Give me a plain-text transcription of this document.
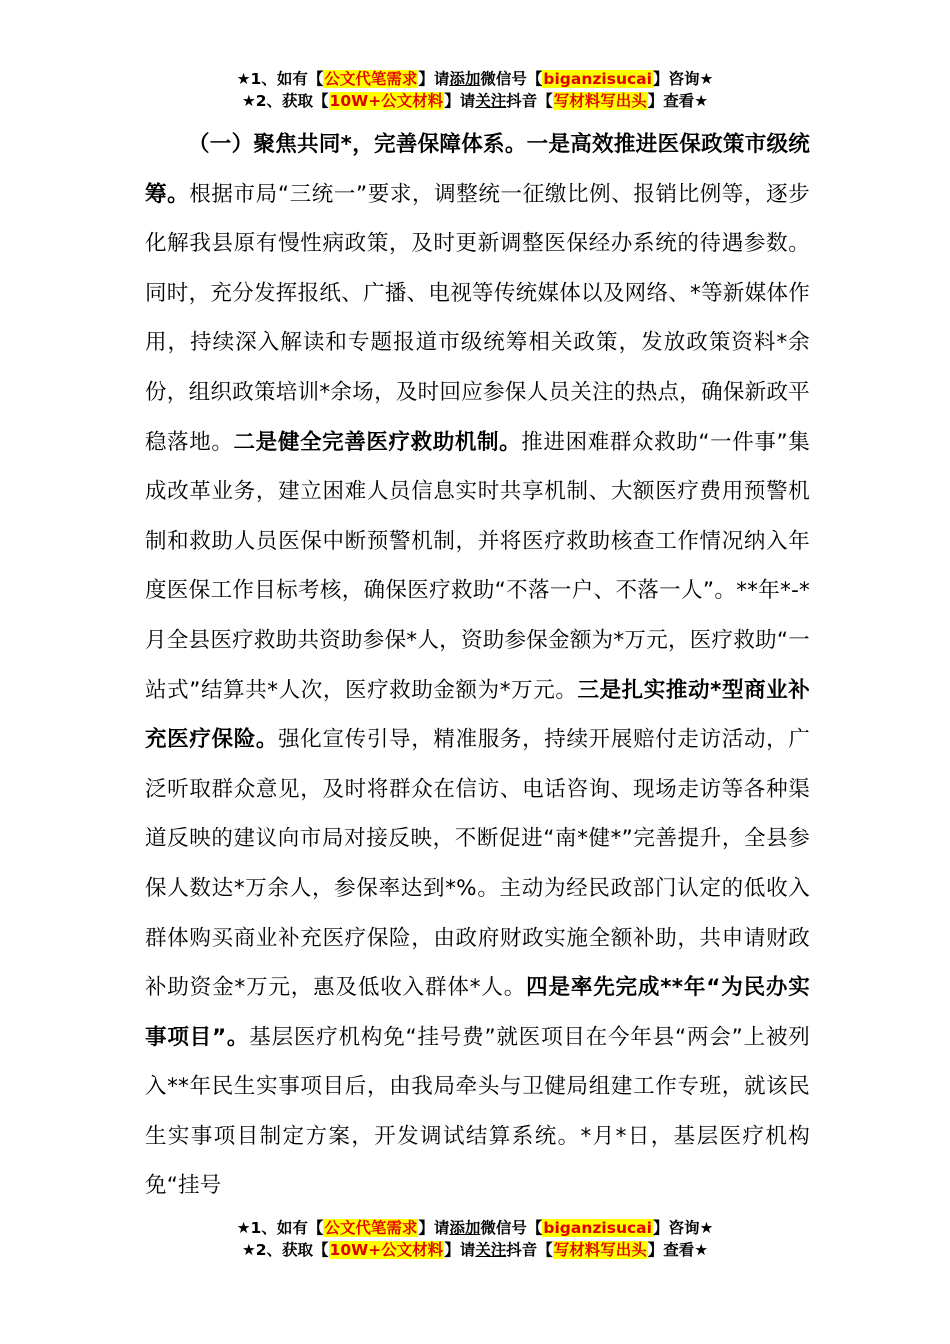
★1、如有【公文代笔需求】请添加微信号【biganzisucai】咨询★
★2、获取【10W+公文材料】请关注抖音【写材料写出头】查看★

（一）聚焦共同*，完善保障体系。一是高效推进医保政策市级统筹。根据市局“三统一”要求，调整统一征缴比例、报销比例等，逐步化解我县原有慢性病政策，及时更新调整医保经办系统的待遇参数。同时，充分发挥报纸、广播、电视等传统媒体以及网络、*等新媒体作用，持续深入解读和专题报道市级统筹相关政策，发放政策资料*余份，组织政策培训*余场，及时回应参保人员关注的热点，确保新政平稳落地。二是健全完善医疗救助机制。推进困难群众救助“一件事”集成改革业务，建立困难人员信息实时共享机制、大额医疗费用预警机制和救助人员医保中断预警机制，并将医疗救助核查工作情况纳入年度医保工作目标考核，确保医疗救助“不落一户、不落一人”。**年*-*月全县医疗救助共资助参保*人，资助参保金额为*万元，医疗救助“一站式”结算共*人次，医疗救助金额为*万元。三是扎实推动*型商业补充医疗保险。强化宣传引导，精准服务，持续开展赔付走访活动，广泛听取群众意见，及时将群众在信访、电话咨询、现场走访等各种渠道反映的建议向市局对接反映，不断促进“南*健*”完善提升，全县参保人数达*万余人，参保率达到*%。主动为经民政部门认定的低收入群体购买商业补充医疗保险，由政府财政实施全额补助，共申请财政补助资金*万元，惠及低收入群体*人。四是率先完成**年“为民办实事项目”。基层医疗机构免“挂号费”就医项目在今年县“两会”上被列入**年民生实事项目后，由我局牵头与卫健局组建工作专班，就该民生实事项目制定方案，开发调试结算系统。*月*日，基层医疗机构免“挂号

★1、如有【公文代笔需求】请添加微信号【biganzisucai】咨询★
★2、获取【10W+公文材料】请关注抖音【写材料写出头】查看★
